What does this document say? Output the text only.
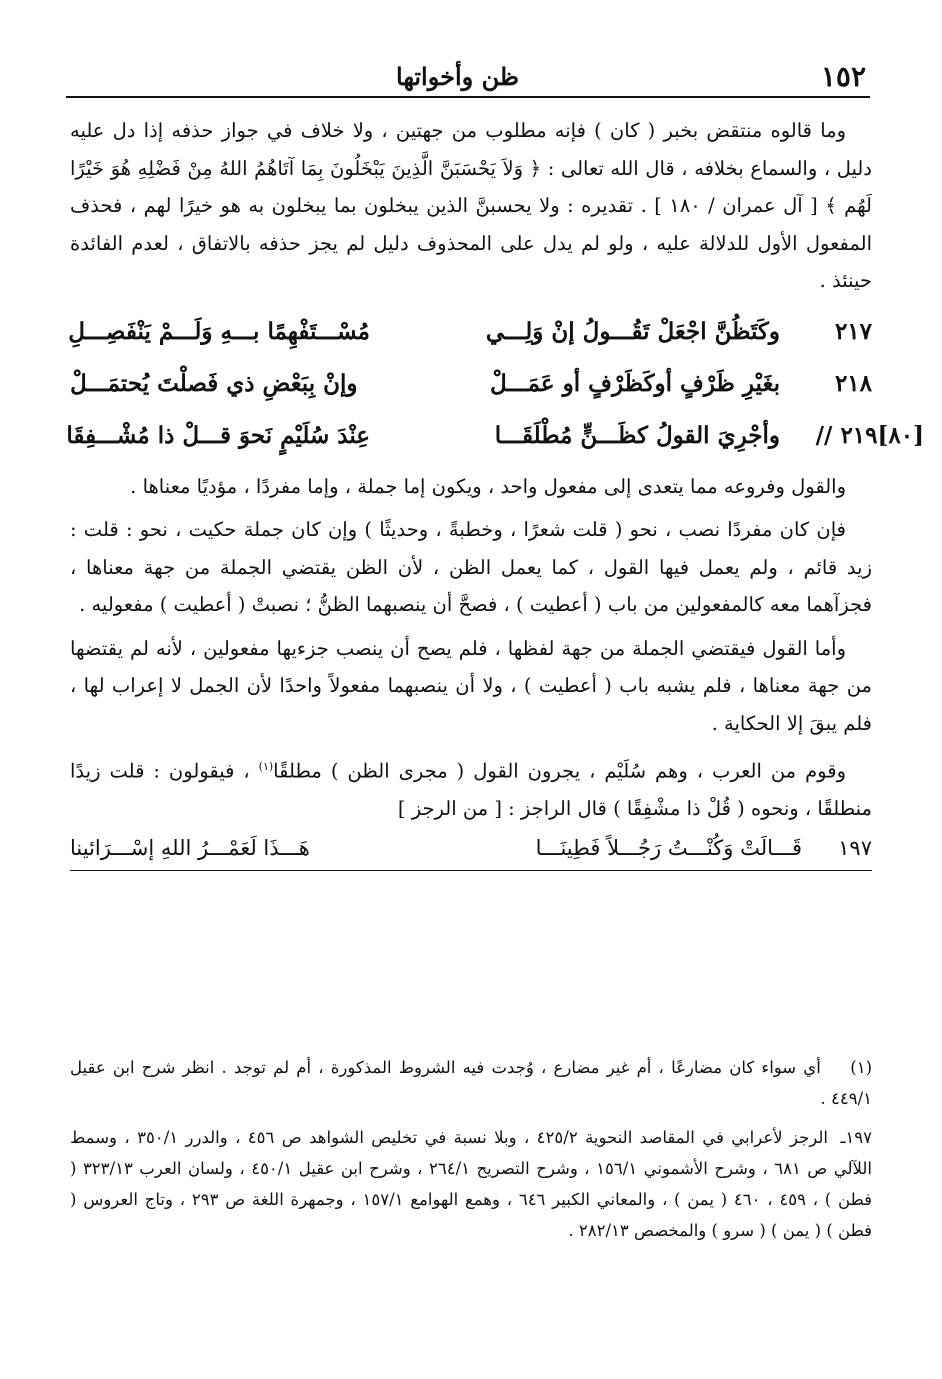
١٥٢
ظن وأخواتها

وما قالوه منتقض بخبر ( كان ) فإنه مطلوب من جهتين ، ولا خلاف في جواز حذفه إذا دل عليه دليل ، والسماع بخلافه ، قال الله تعالى : ﴿ وَلاَ يَحْسَبَنَّ الَّذِينَ يَبْخَلُونَ بِمَا آتَاهُمُ اللهُ مِنْ فَضْلِهِ هُوَ خَيْرًا لَهُم ﴾ [ آل عمران / ١٨٠ ] . تقديره : ولا يحسبنَّ الذين يبخلون بما يبخلون به هو خيرًا لهم ، فحذف المفعول الأول للدلالة عليه ، ولو لم يدل على المحذوف دليل لم يجز حذفه بالاتفاق ، لعدم الفائدة حينئذ .

٢١٧
وكَتَظُنَّ اجْعَلْ تَقُـــولُ إنْ وَلِـــي
مُسْـــتَفْهِمًا بـــهِ وَلَـــمْ يَنْفَصِـــلِ
٢١٨
بغَيْرِ ظَرْفٍ أوكَظَرْفٍ أو عَمَـــلْ
وإنْ بِبَعْضِ ذي فَصلْتَ يُحتمَـــلْ
[٨٠]٢١٩ //
وأجْرِيَ القولُ كظَـــنٍّ مُطْلَقَـــا
عِنْدَ سُلَيْمٍ نَحوَ قـــلْ ذا مُشْـــفِقَا

والقول وفروعه مما يتعدى إلى مفعول واحد ، ويكون إما جملة ، وإما مفردًا ، مؤديًا معناها .

فإن كان مفردًا نصب ، نحو ( قلت شعرًا ، وخطبةً ، وحديثًا ) وإن كان جملة حكيت ، نحو : قلت : زيد قائم ، ولم يعمل فيها القول ، كما يعمل الظن ، لأن الظن يقتضي الجملة من جهة معناها ، فجزآهما معه كالمفعولين من باب ( أعطيت ) ، فصحَّ أن ينصبهما الظنُّ ؛ نصبتْ ( أعطيت ) مفعوليه .

وأما القول فيقتضي الجملة من جهة لفظها ، فلم يصح أن ينصب جزءيها مفعولين ، لأنه لم يقتضها من جهة معناها ، فلم يشبه باب ( أعطيت ) ، ولا أن ينصبهما مفعولاً واحدًا لأن الجمل لا إعراب لها ، فلم يبقَ إلا الحكاية .

وقوم من العرب ، وهم سُلَيْم ، يجرون القول ( مجرى الظن ) مطلقًا$^{(١)}$ ، فيقولون : قلت زيدًا منطلقًا ، ونحوه ( قُلْ ذا مشْفِقًا ) قال الراجز : [ من الرجز ]

١٩٧
قَـــالَتْ وَكُنْـــتُ رَجُـــلاً فَطِينَـــا
هَـــذَا لَعَمْـــرُ اللهِ إسْـــرَائينا

(١) أي سواء كان مضارعًا ، أم غير مضارع ، وُجدت فيه الشروط المذكورة ، أم لم توجد . انظر شرح ابن عقيل ٤٤٩/١ .

١٩٧ـالرجز لأعرابي في المقاصد النحوية ٤٢٥/٢ ، وبلا نسبة في تخليص الشواهد ص ٤٥٦ ، والدرر ٣٥٠/١ ، وسمط اللآلي ص ٦٨١ ، وشرح الأشموني ١٥٦/١ ، وشرح التصريح ٢٦٤/١ ، وشرح ابن عقيل ٤٥٠/١ ، ولسان العرب ٣٢٣/١٣ ( فطن ) ، ٤٥٩ ، ٤٦٠ ( يمن ) ، والمعاني الكبير ٦٤٦ ، وهمع الهوامع ١٥٧/١ ، وجمهرة اللغة ص ٢٩٣ ، وتاج العروس ( فطن ) ( يمن ) ( سرو ) والمخصص ٢٨٢/١٣ .
